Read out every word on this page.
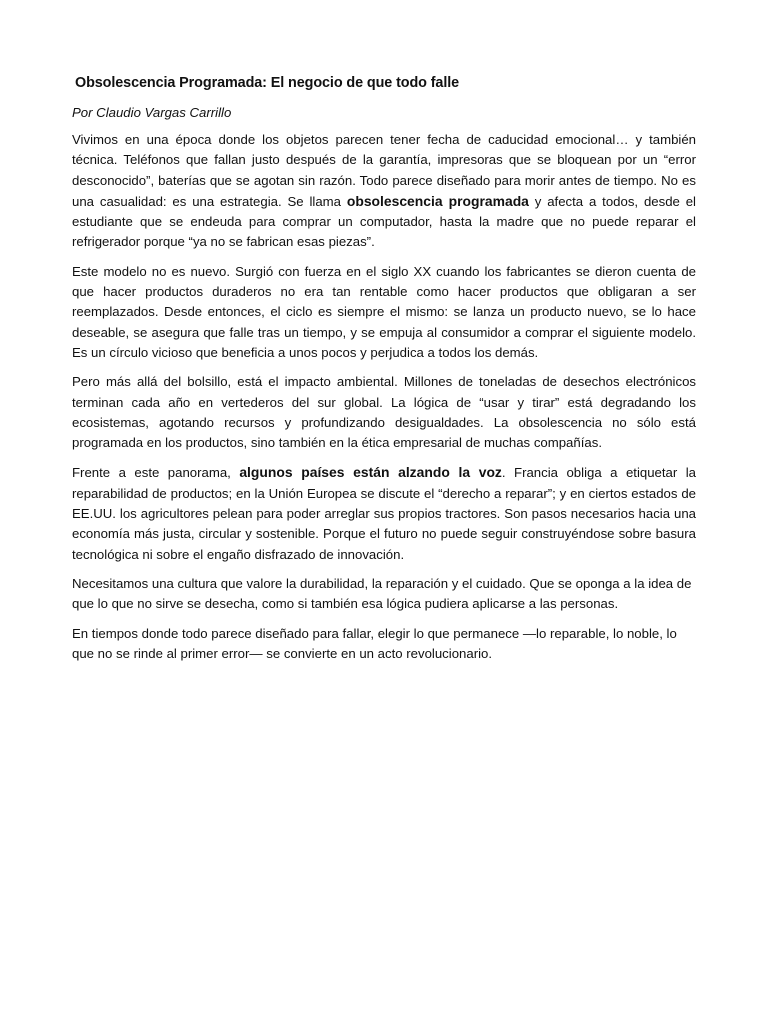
Obsolescencia Programada: El negocio de que todo falle
Por Claudio Vargas Carrillo

Vivimos en una época donde los objetos parecen tener fecha de caducidad emocional… y también técnica. Teléfonos que fallan justo después de la garantía, impresoras que se bloquean por un “error desconocido”, baterías que se agotan sin razón. Todo parece diseñado para morir antes de tiempo. No es una casualidad: es una estrategia. Se llama obsolescencia programada y afecta a todos, desde el estudiante que se endeuda para comprar un computador, hasta la madre que no puede reparar el refrigerador porque “ya no se fabrican esas piezas”.

Este modelo no es nuevo. Surgió con fuerza en el siglo XX cuando los fabricantes se dieron cuenta de que hacer productos duraderos no era tan rentable como hacer productos que obligaran a ser reemplazados. Desde entonces, el ciclo es siempre el mismo: se lanza un producto nuevo, se lo hace deseable, se asegura que falle tras un tiempo, y se empuja al consumidor a comprar el siguiente modelo. Es un círculo vicioso que beneficia a unos pocos y perjudica a todos los demás.

Pero más allá del bolsillo, está el impacto ambiental. Millones de toneladas de desechos electrónicos terminan cada año en vertederos del sur global. La lógica de “usar y tirar” está degradando los ecosistemas, agotando recursos y profundizando desigualdades. La obsolescencia no sólo está programada en los productos, sino también en la ética empresarial de muchas compañías.

Frente a este panorama, algunos países están alzando la voz. Francia obliga a etiquetar la reparabilidad de productos; en la Unión Europea se discute el “derecho a reparar”; y en ciertos estados de EE.UU. los agricultores pelean para poder arreglar sus propios tractores. Son pasos necesarios hacia una economía más justa, circular y sostenible. Porque el futuro no puede seguir construyéndose sobre basura tecnológica ni sobre el engaño disfrazado de innovación.

Necesitamos una cultura que valore la durabilidad, la reparación y el cuidado. Que se oponga a la idea de que lo que no sirve se desecha, como si también esa lógica pudiera aplicarse a las personas.

En tiempos donde todo parece diseñado para fallar, elegir lo que permanece —lo reparable, lo noble, lo que no se rinde al primer error— se convierte en un acto revolucionario.
